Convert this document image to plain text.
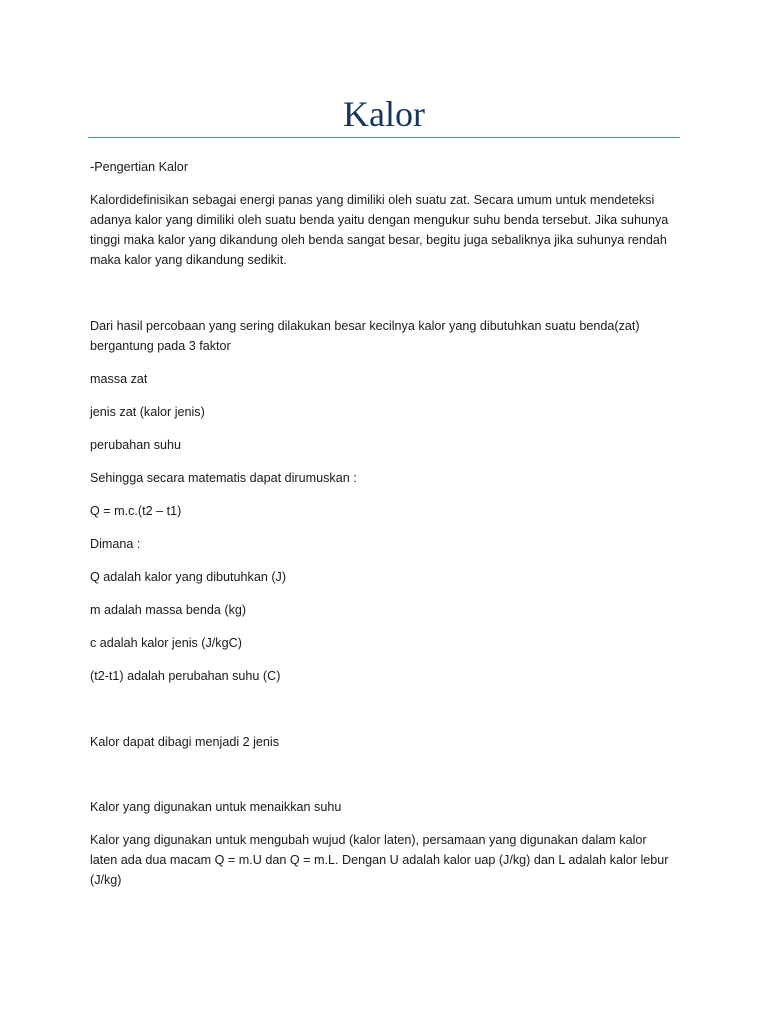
Kalor

-Pengertian Kalor

Kalordidefinisikan sebagai energi panas yang dimiliki oleh suatu zat. Secara umum untuk mendeteksi

adanya kalor yang dimiliki oleh suatu benda yaitu dengan mengukur suhu benda tersebut. Jika suhunya

tinggi maka kalor yang dikandung oleh benda sangat besar, begitu juga sebaliknya jika suhunya rendah

maka kalor yang dikandung sedikit.

Dari hasil percobaan yang sering dilakukan besar kecilnya kalor yang dibutuhkan suatu benda(zat)

bergantung pada 3 faktor

massa zat

jenis zat (kalor jenis)

perubahan suhu

Sehingga secara matematis dapat dirumuskan :

Q = m.c.(t2 – t1)

Dimana :

Q adalah kalor yang dibutuhkan (J)

m adalah massa benda (kg)

c adalah kalor jenis (J/kgC)

(t2-t1) adalah perubahan suhu (C)

Kalor dapat dibagi menjadi 2 jenis

Kalor yang digunakan untuk menaikkan suhu

Kalor yang digunakan untuk mengubah wujud (kalor laten), persamaan yang digunakan dalam kalor

laten ada dua macam Q = m.U dan Q = m.L. Dengan U adalah kalor uap (J/kg) dan L adalah kalor lebur

(J/kg)
